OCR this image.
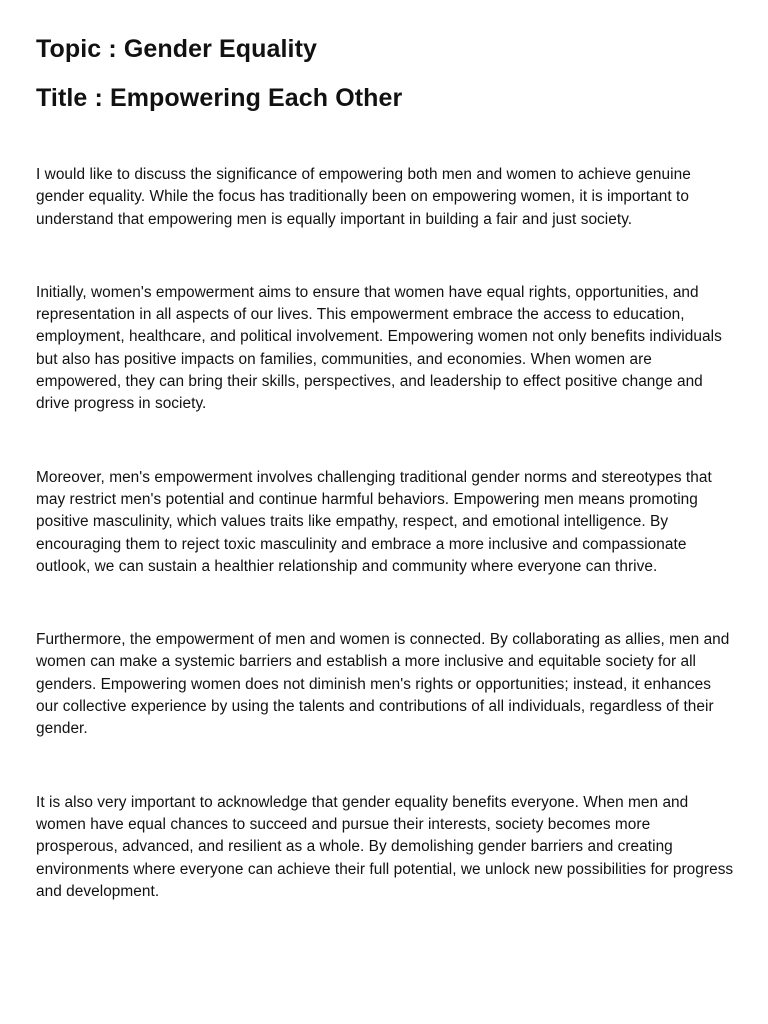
Topic : Gender Equality
Title : Empowering Each Other

I would like to discuss the significance of empowering both men and women to achieve genuine gender equality. While the focus has traditionally been on empowering women, it is important to understand that empowering men is equally important in building a fair and just society.

Initially, women's empowerment aims to ensure that women have equal rights, opportunities, and representation in all aspects of our lives. This empowerment embrace the access to education, employment, healthcare, and political involvement. Empowering women not only benefits individuals but also has positive impacts on families, communities, and economies. When women are empowered, they can bring their skills, perspectives, and leadership to effect positive change and drive progress in society.

Moreover, men's empowerment involves challenging traditional gender norms and stereotypes that may restrict men's potential and continue harmful behaviors. Empowering men means promoting positive masculinity, which values traits like empathy, respect, and emotional intelligence. By encouraging them to reject toxic masculinity and embrace a more inclusive and compassionate outlook, we can sustain a healthier relationship and community where everyone can thrive.

Furthermore, the empowerment of men and women is connected. By collaborating as allies, men and women can make a systemic barriers and establish a more inclusive and equitable society for all genders. Empowering women does not diminish men's rights or opportunities; instead, it enhances our collective experience by using the talents and contributions of all individuals, regardless of their gender.

It is also very important to acknowledge that gender equality benefits everyone. When men and women have equal chances to succeed and pursue their interests, society becomes more prosperous, advanced, and resilient as a whole. By demolishing gender barriers and creating environments where everyone can achieve their full potential, we unlock new possibilities for progress and development.
